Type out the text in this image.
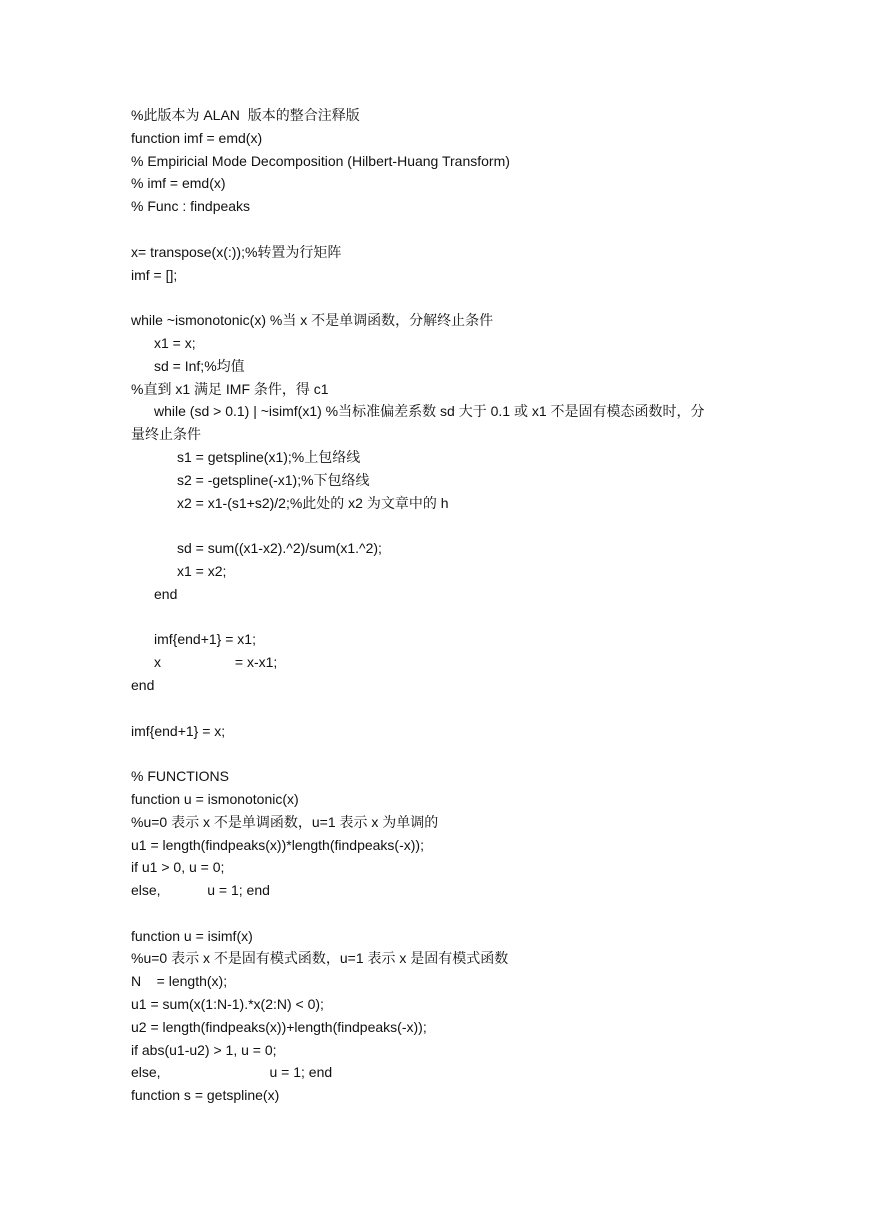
%此版本为 ALAN  版本的整合注释版
function imf = emd(x)
% Empiricial Mode Decomposition (Hilbert-Huang Transform)
% imf = emd(x)
% Func : findpeaks
x= transpose(x(:));%转置为行矩阵
imf = [];
while ~ismonotonic(x) %当 x 不是单调函数，分解终止条件
x1 = x;
sd = Inf;%均值
%直到 x1 满足 IMF 条件，得 c1
while (sd > 0.1) | ~isimf(x1) %当标准偏差系数 sd 大于 0.1 或 x1 不是固有模态函数时，分
量终止条件
s1 = getspline(x1);%上包络线
s2 = -getspline(-x1);%下包络线
x2 = x1-(s1+s2)/2;%此处的 x2 为文章中的 h
sd = sum((x1-x2).^2)/sum(x1.^2);
x1 = x2;
end
imf{end+1} = x1;
x                   = x-x1;
end
imf{end+1} = x;
% FUNCTIONS
function u = ismonotonic(x)
%u=0 表示 x 不是单调函数，u=1 表示 x 为单调的
u1 = length(findpeaks(x))*length(findpeaks(-x));
if u1 > 0, u = 0;
else,            u = 1; end
function u = isimf(x)
%u=0 表示 x 不是固有模式函数，u=1 表示 x 是固有模式函数
N    = length(x);
u1 = sum(x(1:N-1).*x(2:N) < 0);
u2 = length(findpeaks(x))+length(findpeaks(-x));
if abs(u1-u2) > 1, u = 0;
else,                            u = 1; end
function s = getspline(x)
